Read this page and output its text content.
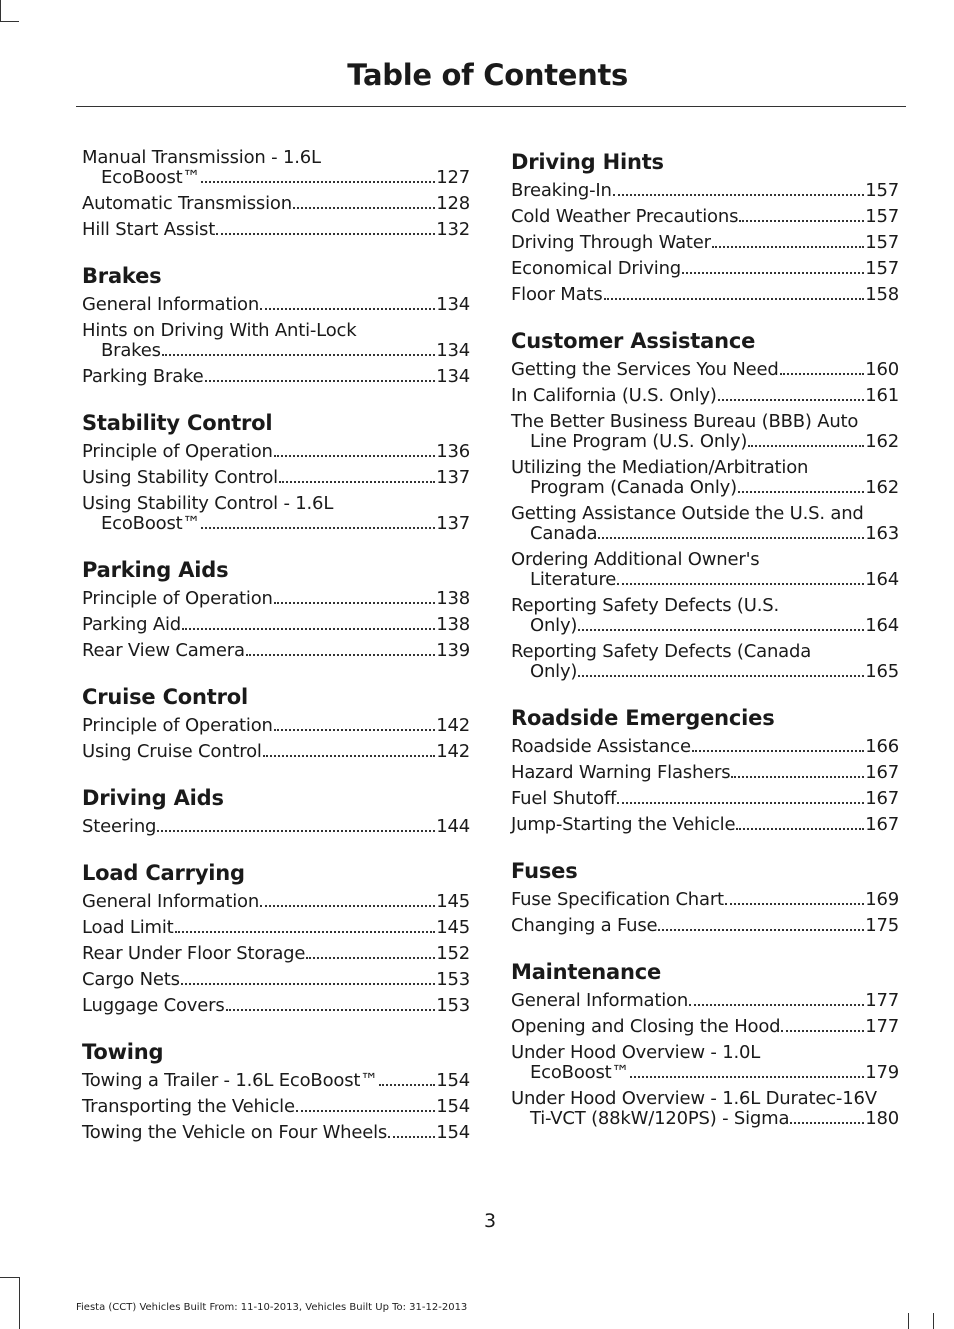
Table of Contents
Manual Transmission - 1.6L
EcoBoost™	127
Automatic Transmission	128
Hill Start Assist	132
Brakes
General Information	134
Hints on Driving With Anti-Lock
Brakes	134
Parking Brake	134
Stability Control
Principle of Operation	136
Using Stability Control	137
Using Stability Control - 1.6L
EcoBoost™	137
Parking Aids
Principle of Operation	138
Parking Aid	138
Rear View Camera	139
Cruise Control
Principle of Operation	142
Using Cruise Control	142
Driving Aids
Steering	144
Load Carrying
General Information	145
Load Limit	145
Rear Under Floor Storage	152
Cargo Nets	153
Luggage Covers	153
Towing
Towing a Trailer - 1.6L EcoBoost™	154
Transporting the Vehicle	154
Towing the Vehicle on Four Wheels	154
Driving Hints
Breaking-In	157
Cold Weather Precautions	157
Driving Through Water	157
Economical Driving	157
Floor Mats	158
Customer Assistance
Getting the Services You Need	160
In California (U.S. Only)	161
The Better Business Bureau (BBB) Auto
Line Program (U.S. Only)	162
Utilizing the Mediation/Arbitration
Program (Canada Only)	162
Getting Assistance Outside the U.S. and
Canada	163
Ordering Additional Owner's
Literature	164
Reporting Safety Defects (U.S.
Only)	164
Reporting Safety Defects (Canada
Only)	165
Roadside Emergencies
Roadside Assistance	166
Hazard Warning Flashers	167
Fuel Shutoff	167
Jump-Starting the Vehicle	167
Fuses
Fuse Specification Chart	169
Changing a Fuse	175
Maintenance
General Information	177
Opening and Closing the Hood	177
Under Hood Overview - 1.0L
EcoBoost™	179
Under Hood Overview - 1.6L Duratec-16V
Ti-VCT (88kW/120PS) - Sigma	180
3
Fiesta (CCT) Vehicles Built From: 11-10-2013, Vehicles Built Up To: 31-12-2013
